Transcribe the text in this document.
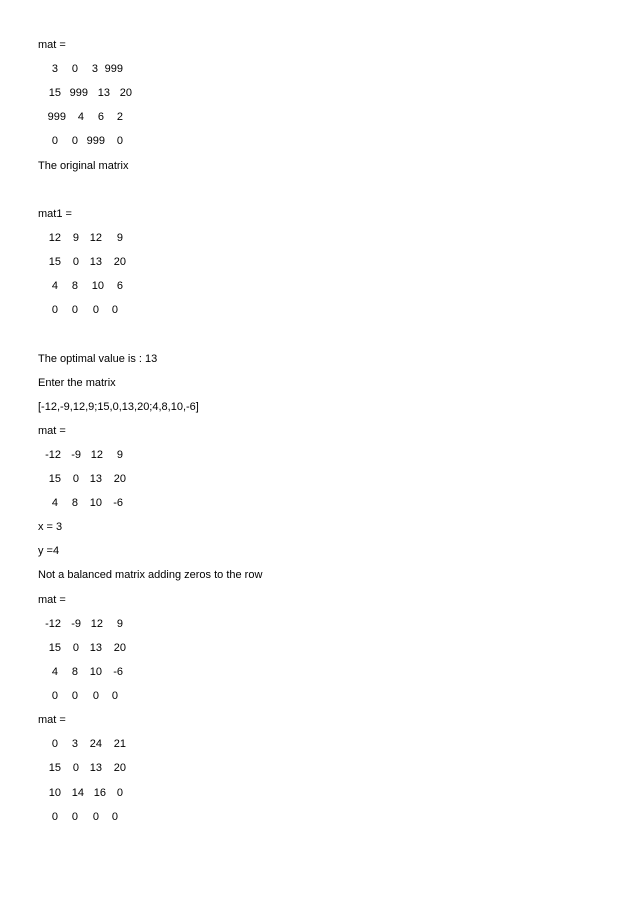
mat =
3 0 3 999
15 999 13 20
999 4 6 2
0 0 999 0
The original matrix
mat1 =
12 9 12 9
15 0 13 20
4 8 10 6
0 0 0 0
The optimal value is : 13
Enter the matrix
[-12,-9,12,9;15,0,13,20;4,8,10,-6]
mat =
-12 -9 12 9
15 0 13 20
4 8 10 -6
x = 3
y =4
Not a balanced matrix adding zeros to the row
mat =
-12 -9 12 9
15 0 13 20
4 8 10 -6
0 0 0 0
mat =
0 3 24 21
15 0 13 20
10 14 16 0
0 0 0 0
